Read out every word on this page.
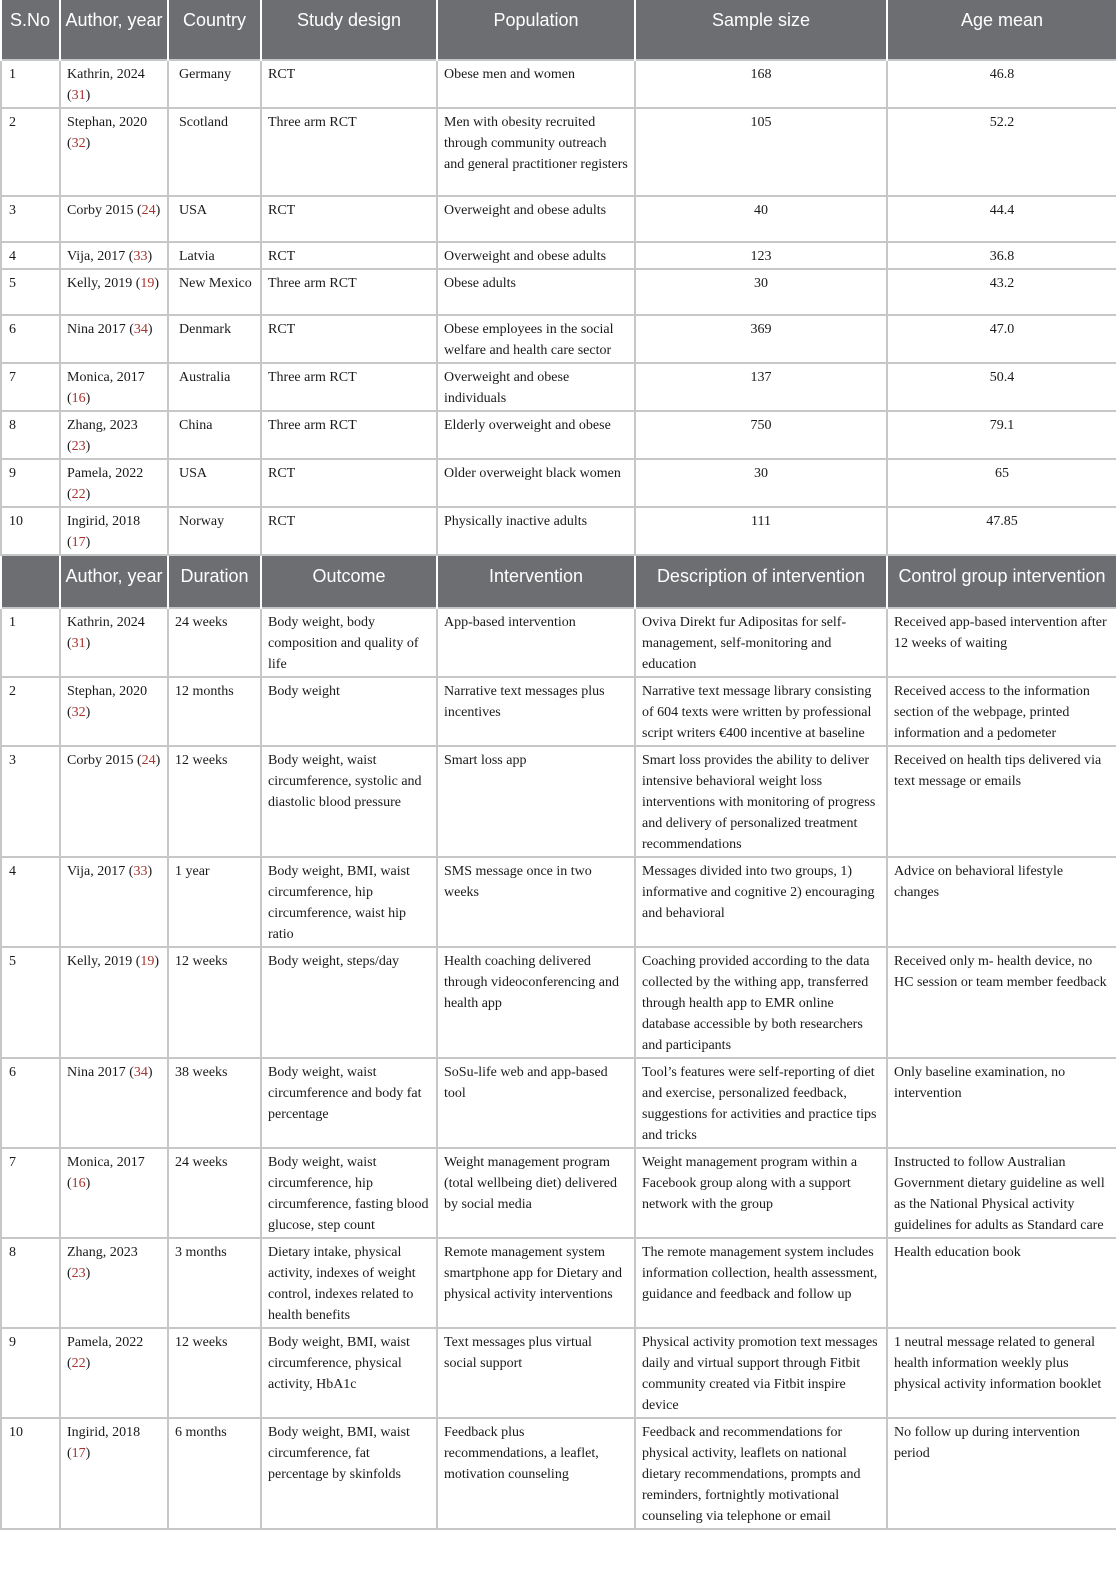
S.No	Author, year	Country	Study design	Population	Sample size	Age mean
1	Kathrin, 2024 (31)	Germany	RCT	Obese men and women	168	46.8
2	Stephan, 2020 (32)	Scotland	Three arm RCT	Men with obesity recruited through community outreach and general practitioner registers	105	52.2
3	Corby 2015 (24)	USA	RCT	Overweight and obese adults	40	44.4
4	Vija, 2017 (33)	Latvia	RCT	Overweight and obese adults	123	36.8
5	Kelly, 2019 (19)	New Mexico	Three arm RCT	Obese adults	30	43.2
6	Nina 2017 (34)	Denmark	RCT	Obese employees in the social welfare and health care sector	369	47.0
7	Monica, 2017 (16)	Australia	Three arm RCT	Overweight and obese individuals	137	50.4
8	Zhang, 2023 (23)	China	Three arm RCT	Elderly overweight and obese	750	79.1
9	Pamela, 2022 (22)	USA	RCT	Older overweight black women	30	65
10	Ingirid, 2018 (17)	Norway	RCT	Physically inactive adults	111	47.85
	Author, year	Duration	Outcome	Intervention	Description of intervention	Control group intervention
1	Kathrin, 2024 (31)	24 weeks	Body weight, body composition and quality of life	App-based intervention	Oviva Direkt fur Adipositas for self-management, self-monitoring and education	Received app-based intervention after 12 weeks of waiting
2	Stephan, 2020 (32)	12 months	Body weight	Narrative text messages plus incentives	Narrative text message library consisting of 604 texts were written by professional script writers €400 incentive at baseline	Received access to the information section of the webpage, printed information and a pedometer
3	Corby 2015 (24)	12 weeks	Body weight, waist circumference, systolic and diastolic blood pressure	Smart loss app	Smart loss provides the ability to deliver intensive behavioral weight loss interventions with monitoring of progress and delivery of personalized treatment recommendations	Received on health tips delivered via text message or emails
4	Vija, 2017 (33)	1 year	Body weight, BMI, waist circumference, hip circumference, waist hip ratio	SMS message once in two weeks	Messages divided into two groups, 1) informative and cognitive 2) encouraging and behavioral	Advice on behavioral lifestyle changes
5	Kelly, 2019 (19)	12 weeks	Body weight, steps/day	Health coaching delivered through videoconferencing and health app	Coaching provided according to the data collected by the withing app, transferred through health app to EMR online database accessible by both researchers and participants	Received only m- health device, no HC session or team member feedback
6	Nina 2017 (34)	38 weeks	Body weight, waist circumference and body fat percentage	SoSu-life web and app-based tool	Tool’s features were self-reporting of diet and exercise, personalized feedback, suggestions for activities and practice tips and tricks	Only baseline examination, no intervention
7	Monica, 2017 (16)	24 weeks	Body weight, waist circumference, hip circumference, fasting blood glucose, step count	Weight management program (total wellbeing diet) delivered by social media	Weight management program within a Facebook group along with a support network with the group	Instructed to follow Australian Government dietary guideline as well as the National Physical activity guidelines for adults as Standard care
8	Zhang, 2023 (23)	3 months	Dietary intake, physical activity, indexes of weight control, indexes related to health benefits	Remote management system smartphone app for Dietary and physical activity interventions	The remote management system includes information collection, health assessment, guidance and feedback and follow up	Health education book
9	Pamela, 2022 (22)	12 weeks	Body weight, BMI, waist circumference, physical activity, HbA1c	Text messages plus virtual social support	Physical activity promotion text messages daily and virtual support through Fitbit community created via Fitbit inspire device	1 neutral message related to general health information weekly plus physical activity information booklet
10	Ingirid, 2018 (17)	6 months	Body weight, BMI, waist circumference, fat percentage by skinfolds	Feedback plus recommendations, a leaflet, motivation counseling	Feedback and recommendations for physical activity, leaflets on national dietary recommendations, prompts and reminders, fortnightly motivational counseling via telephone or email	No follow up during intervention period
